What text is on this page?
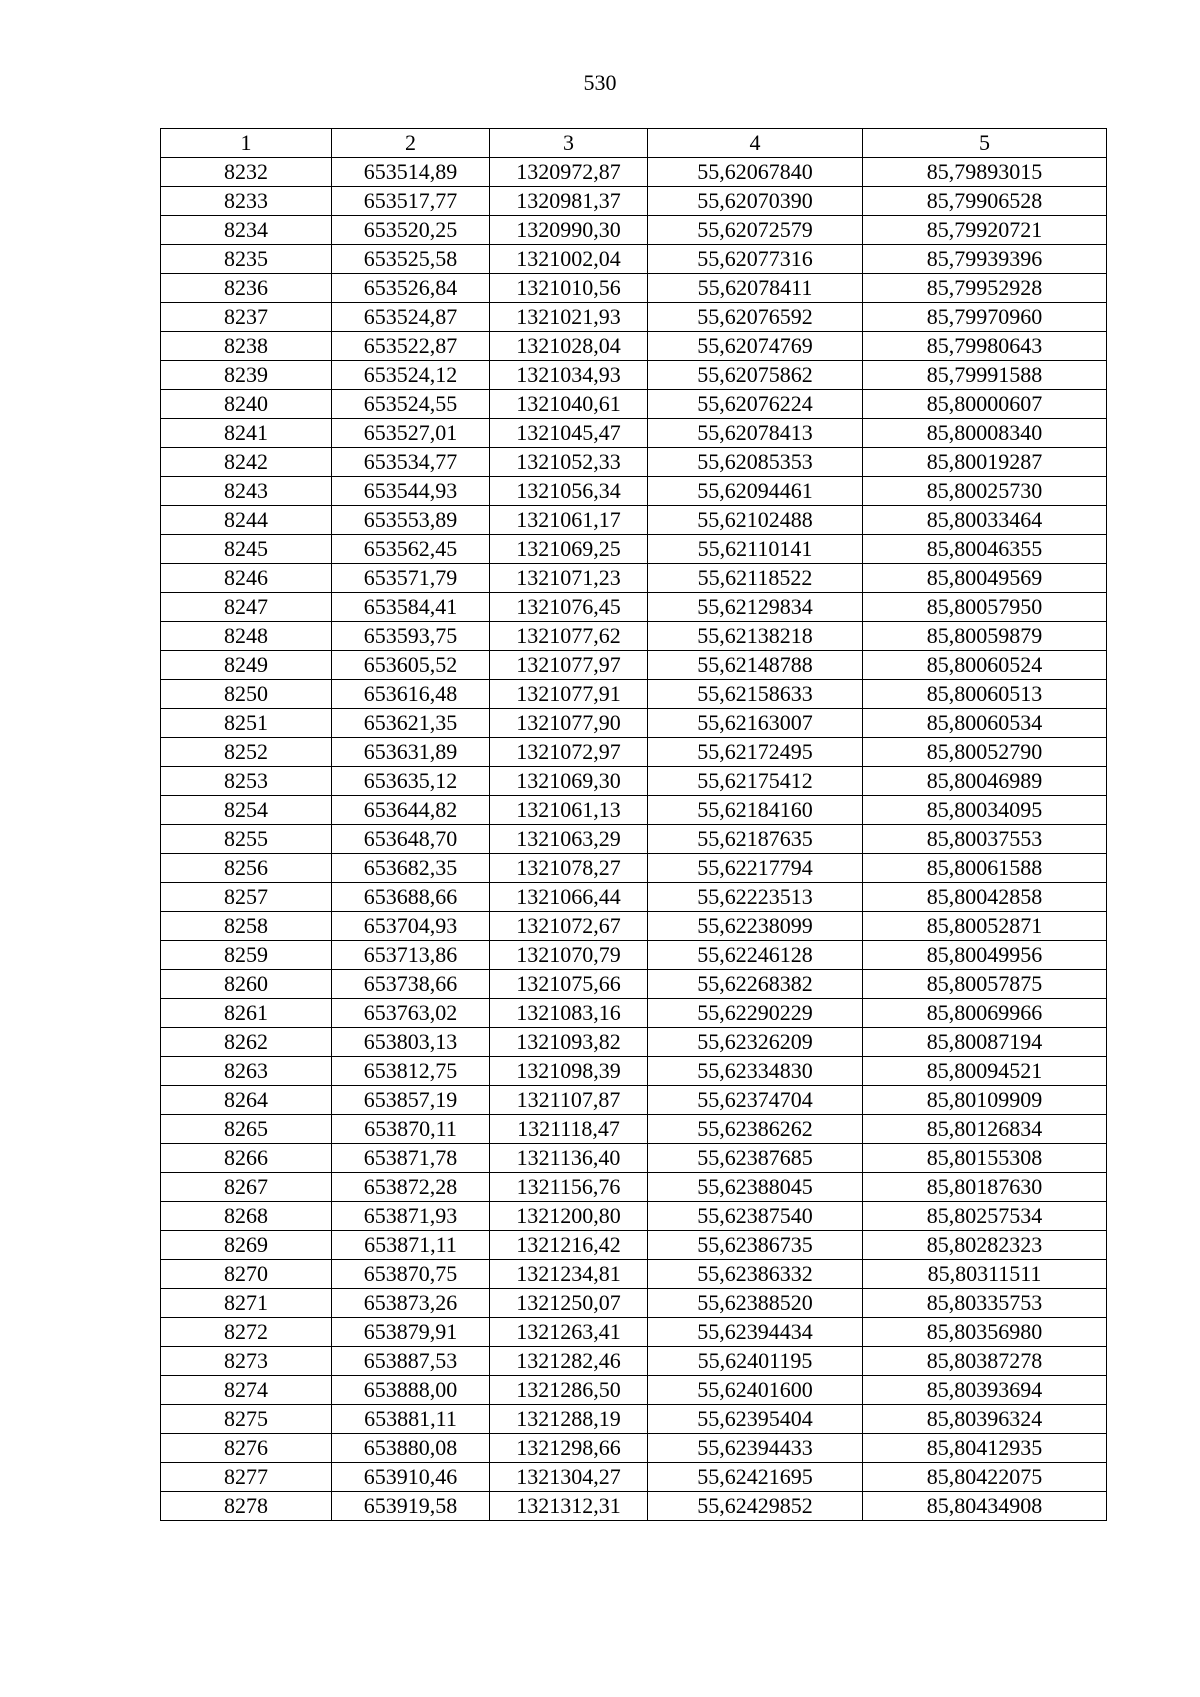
530
1	2	3	4	5
8232	653514,89	1320972,87	55,62067840	85,79893015
8233	653517,77	1320981,37	55,62070390	85,79906528
8234	653520,25	1320990,30	55,62072579	85,79920721
8235	653525,58	1321002,04	55,62077316	85,79939396
8236	653526,84	1321010,56	55,62078411	85,79952928
8237	653524,87	1321021,93	55,62076592	85,79970960
8238	653522,87	1321028,04	55,62074769	85,79980643
8239	653524,12	1321034,93	55,62075862	85,79991588
8240	653524,55	1321040,61	55,62076224	85,80000607
8241	653527,01	1321045,47	55,62078413	85,80008340
8242	653534,77	1321052,33	55,62085353	85,80019287
8243	653544,93	1321056,34	55,62094461	85,80025730
8244	653553,89	1321061,17	55,62102488	85,80033464
8245	653562,45	1321069,25	55,62110141	85,80046355
8246	653571,79	1321071,23	55,62118522	85,80049569
8247	653584,41	1321076,45	55,62129834	85,80057950
8248	653593,75	1321077,62	55,62138218	85,80059879
8249	653605,52	1321077,97	55,62148788	85,80060524
8250	653616,48	1321077,91	55,62158633	85,80060513
8251	653621,35	1321077,90	55,62163007	85,80060534
8252	653631,89	1321072,97	55,62172495	85,80052790
8253	653635,12	1321069,30	55,62175412	85,80046989
8254	653644,82	1321061,13	55,62184160	85,80034095
8255	653648,70	1321063,29	55,62187635	85,80037553
8256	653682,35	1321078,27	55,62217794	85,80061588
8257	653688,66	1321066,44	55,62223513	85,80042858
8258	653704,93	1321072,67	55,62238099	85,80052871
8259	653713,86	1321070,79	55,62246128	85,80049956
8260	653738,66	1321075,66	55,62268382	85,80057875
8261	653763,02	1321083,16	55,62290229	85,80069966
8262	653803,13	1321093,82	55,62326209	85,80087194
8263	653812,75	1321098,39	55,62334830	85,80094521
8264	653857,19	1321107,87	55,62374704	85,80109909
8265	653870,11	1321118,47	55,62386262	85,80126834
8266	653871,78	1321136,40	55,62387685	85,80155308
8267	653872,28	1321156,76	55,62388045	85,80187630
8268	653871,93	1321200,80	55,62387540	85,80257534
8269	653871,11	1321216,42	55,62386735	85,80282323
8270	653870,75	1321234,81	55,62386332	85,80311511
8271	653873,26	1321250,07	55,62388520	85,80335753
8272	653879,91	1321263,41	55,62394434	85,80356980
8273	653887,53	1321282,46	55,62401195	85,80387278
8274	653888,00	1321286,50	55,62401600	85,80393694
8275	653881,11	1321288,19	55,62395404	85,80396324
8276	653880,08	1321298,66	55,62394433	85,80412935
8277	653910,46	1321304,27	55,62421695	85,80422075
8278	653919,58	1321312,31	55,62429852	85,80434908
